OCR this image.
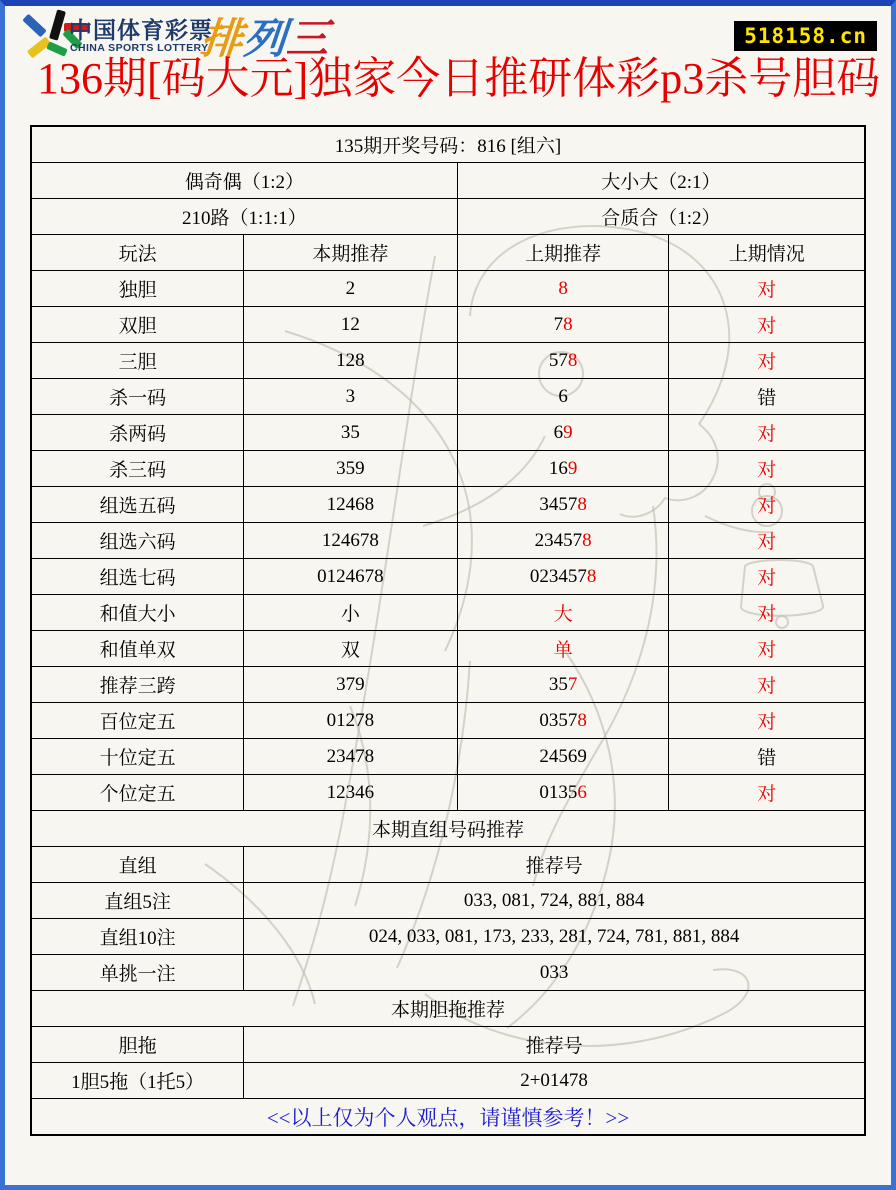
中国体育彩票
CHINA SPORTS LOTTERY
排列三	518158.cn
136期[码大元]独家今日推研体彩p3杀号胆码
135期开奖号码：816 [组六]			
偶奇偶（1:2）		大小大（2:1）	
210路（1:1:1）		合质合（1:2）	
玩法	本期推荐	上期推荐	上期情况
独胆	2	8	对
双胆	12	78	对
三胆	128	578	对
杀一码	3	6	错
杀两码	35	69	对
杀三码	359	169	对
组选五码	12468	34578	对
组选六码	124678	234578	对
组选七码	0124678	0234578	对
和值大小	小	大	对
和值单双	双	单	对
推荐三跨	379	357	对
百位定五	01278	03578	对
十位定五	23478	24569	错
个位定五	12346	01356	对
本期直组号码推荐			
直组	推荐号		
直组5注	033, 081, 724, 881, 884		
直组10注	024, 033, 081, 173, 233, 281, 724, 781, 881, 884		
单挑一注	033		
本期胆拖推荐			
胆拖	推荐号		
1胆5拖（1托5）	2+01478		
<<以上仅为个人观点，请谨慎参考！>>			
